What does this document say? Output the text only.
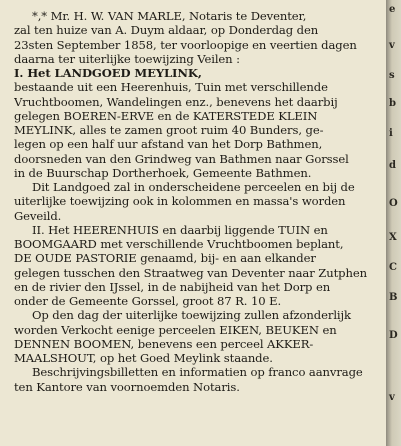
*,* Mr. H. W. VAN MARLE, Notaris te Deventer,
zal ten huize van A. Duym aldaar, op Donderdag den
23sten September 1858, ter voorloopige en veertien dagen
daarna ter uiterlijke toewijzing Veilen :
I. Het LANDGOED MEYLINK,
bestaande uit een Heerenhuis, Tuin met verschillende
Vruchtboomen, Wandelingen enz., benevens het daarbij
gelegen BOEREN-ERVE en de KATERSTEDE KLEIN
MEYLINK, alles te zamen groot ruim 40 Bunders, ge-
legen op een half uur afstand van het Dorp Bathmen,
doorsneden van den Grindweg van Bathmen naar Gorssel
in de Buurschap Dortherhoek, Gemeente Bathmen.
Dit Landgoed zal in onderscheidene perceelen en bij de
uiterlijke toewijzing ook in kolommen en massa's worden
Geveild.
II. Het HEERENHUIS en daarbij liggende TUIN en
BOOMGAARD met verschillende Vruchtboomen beplant,
DE OUDE PASTORIE genaamd, bij- en aan elkander
gelegen tusschen den Straatweg van Deventer naar Zutphen
en de rivier den IJssel, in de nabijheid van het Dorp en
onder de Gemeente Gorssel, groot 87 R. 10 E.
Op den dag der uiterlijke toewijzing zullen afzonderlijk
worden Verkocht eenige perceelen EIKEN, BEUKEN en
DENNEN BOOMEN, benevens een perceel AKKER-
MAALSHOUT, op het Goed Meylink staande.
Beschrijvingsbilletten en informatien op franco aanvrage
ten Kantore van voornoemden Notaris.
e
v
s
b
i
d
O
X
C
B
D
v
